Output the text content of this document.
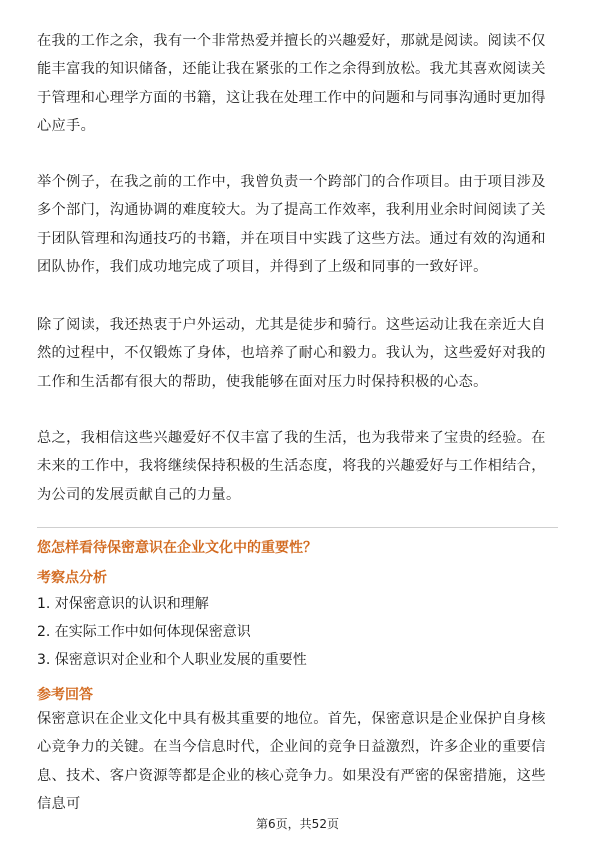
在我的工作之余，我有一个非常热爱并擅长的兴趣爱好，那就是阅读。阅读不仅能丰富我的知识储备，还能让我在紧张的工作之余得到放松。我尤其喜欢阅读关于管理和心理学方面的书籍，这让我在处理工作中的问题和与同事沟通时更加得心应手。

举个例子，在我之前的工作中，我曾负责一个跨部门的合作项目。由于项目涉及多个部门，沟通协调的难度较大。为了提高工作效率，我利用业余时间阅读了关于团队管理和沟通技巧的书籍，并在项目中实践了这些方法。通过有效的沟通和团队协作，我们成功地完成了项目，并得到了上级和同事的一致好评。

除了阅读，我还热衷于户外运动，尤其是徒步和骑行。这些运动让我在亲近大自然的过程中，不仅锻炼了身体，也培养了耐心和毅力。我认为，这些爱好对我的工作和生活都有很大的帮助，使我能够在面对压力时保持积极的心态。

总之，我相信这些兴趣爱好不仅丰富了我的生活，也为我带来了宝贵的经验。在未来的工作中，我将继续保持积极的生活态度，将我的兴趣爱好与工作相结合，为公司的发展贡献自己的力量。

您怎样看待保密意识在企业文化中的重要性？

考察点分析

1. 对保密意识的认识和理解
2. 在实际工作中如何体现保密意识
3. 保密意识对企业和个人职业发展的重要性

参考回答

保密意识在企业文化中具有极其重要的地位。首先，保密意识是企业保护自身核心竞争力的关键。在当今信息时代，企业间的竞争日益激烈，许多企业的重要信息、技术、客户资源等都是企业的核心竞争力。如果没有严密的保密措施，这些信息可

第6页，共52页
